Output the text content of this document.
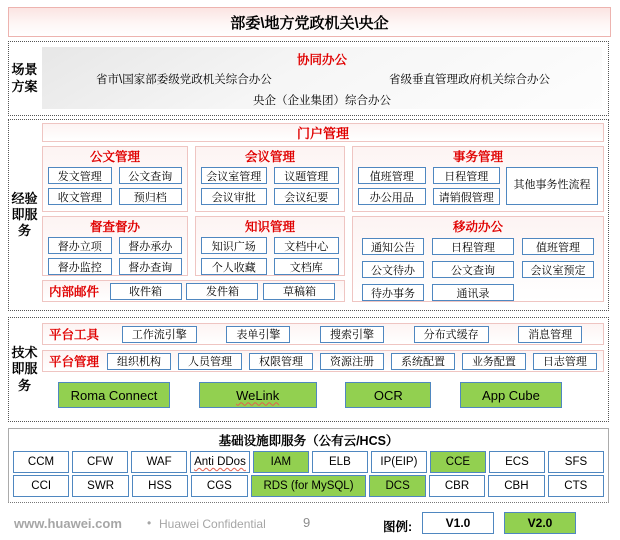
部委\地方党政机关\央企
场景方案
协同办公
省市\国家部委级党政机关综合办公	省级垂直管理政府机关综合办公
央企（企业集团）综合办公
经验即服务
门户管理
公文管理
发文管理	公文查询
收文管理	预归档
会议管理
会议室管理	议题管理
会议审批	会议纪要
事务管理
值班管理	日程管理
办公用品	请销假管理
其他事务性流程
督查督办
督办立项	督办承办
督办监控	督办查询
知识管理
知识广场	文档中心
个人收藏	文档库
移动办公
通知公告	日程管理	值班管理
公文待办	公文查询	会议室预定
待办事务	通讯录
内部邮件	收件箱	发件箱	草稿箱
技术即服务
平台工具	工作流引擎	表单引擎	搜索引擎	分布式缓存	消息管理
平台管理	组织机构	人员管理	权限管理	资源注册	系统配置	业务配置	日志管理
Roma Connect	WeLink	OCR	App Cube
基础设施即服务（公有云/HCS）
CCM	CFW	WAF	Anti DDos	IAM	ELB	IP(EIP)	CCE	ECS	SFS
CCI	SWR	HSS	CGS	RDS (for MySQL)	DCS	CBR	CBH	CTS
www.huawei.com • Huawei Confidential	9	图例:	V1.0	V2.0
